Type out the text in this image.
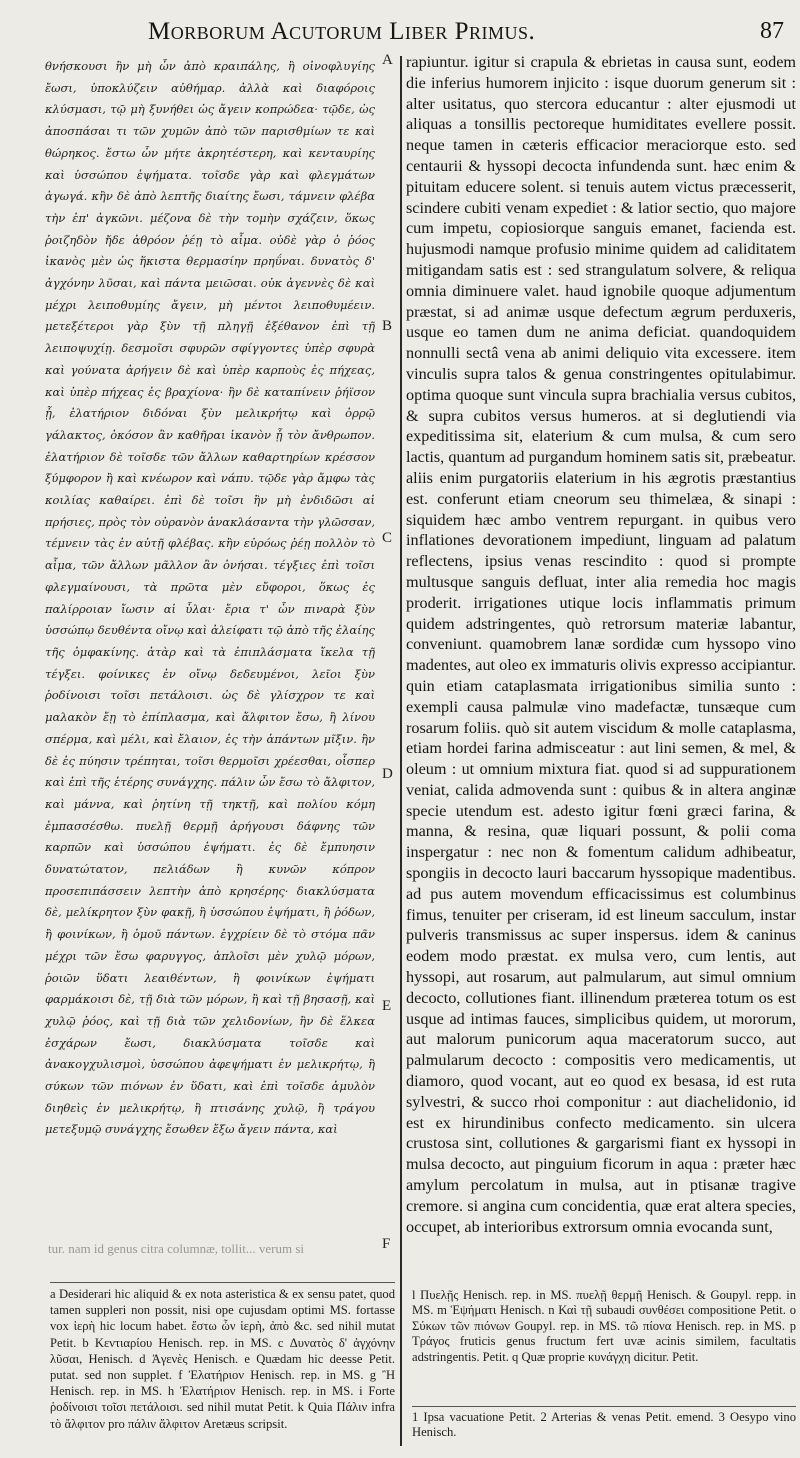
Morborum Acutorum Liber Primus.	87

θνήσκουσι ἢν μὴ ὦν ἀπὸ κραιπάλης, ἢ οἰνοφλυγίης ἔωσι, ὑποκλύζειν αὐθήμαρ. ἀλλὰ καὶ διαφόροις κλύσμασι, τῷ μὴ ξυνήθει ὡς ἄγειν κοπρώδεα· τῷδε, ὡς ἀποσπάσαι τι τῶν χυμῶν ἀπὸ τῶν παρισθμίων τε καὶ θώρηκος. ἔστω ὦν μήτε ἀκρητέστερη, καὶ κενταυρίης καὶ ὑσσώπου ἑψήματα. τοῖσδε γὰρ καὶ φλεγμάτων ἀγωγά. κἢν δὲ ἀπὸ λεπτῆς διαίτης ἔωσι, τάμνειν φλέβα τὴν ἐπ' ἀγκῶνι. μέζονα δὲ τὴν τομὴν σχάζειν, ὅκως ῥοιζηδὸν ἤδε ἀθρόον ῥέῃ τὸ αἷμα. οὐδὲ γὰρ ὁ ῥόος ἱκανὸς μὲν ὡς ἥκιστα θερμασίην πρηΰναι. δυνατὸς δ' ἀγχόνην λῦσαι, καὶ πάντα μειῶσαι. οὐκ ἀγεννὲς δὲ καὶ μέχρι λειποθυμίης ἄγειν, μὴ μέντοι λειποθυμέειν. μετεξέτεροι γὰρ ξὺν τῇ πληγῇ ἐξέθανον ἐπὶ τῇ λειποψυχίῃ. δεσμοῖσι σφυρῶν σφίγγοντες ὑπὲρ σφυρὰ καὶ γούνατα ἀρήγειν δὲ καὶ ὑπὲρ καρποὺς ἐς πήχεας, καὶ ὑπὲρ πήχεας ἐς βραχίονα· ἢν δὲ καταπίνειν ῥήϊσον ᾖ, ἐλατήριον διδόναι ξὺν μελικρήτῳ καὶ ὀρρῷ γάλακτος, ὁκόσον ἂν καθῆραι ἱκανὸν ᾖ τὸν ἄνθρωπον. ἐλατήριον δὲ τοῖσδε τῶν ἄλλων καθαρτηρίων κρέσσον ξύμφορον ἢ καὶ κνέωρον καὶ νάπυ. τῷδε γὰρ ἄμφω τὰς κοιλίας καθαίρει. ἐπὶ δὲ τοῖσι ἢν μὴ ἐνδιδῶσι αἱ πρήσιες, πρὸς τὸν οὐρανὸν ἀνακλάσαντα τὴν γλῶσσαν, τέμνειν τὰς ἐν αὐτῇ φλέβας. κἢν εὐρόως ῥέῃ πολλὸν τὸ αἷμα, τῶν ἄλλων μᾶλλον ἂν ὀνήσαι. τέγξιες ἐπὶ τοῖσι φλεγμαίνουσι, τὰ πρῶτα μὲν εὔφοροι, ὅκως ἐς παλίρροιαν ἴωσιν αἱ ὗλαι· ἔρια τ' ὦν πιναρὰ ξὺν ὑσσώπῳ δευθέντα οἴνῳ καὶ ἀλείφατι τῷ ἀπὸ τῆς ἐλαίης τῆς ὀμφακίνης. ἀτὰρ καὶ τὰ ἐπιπλάσματα ἴκελα τῇ τέγξει. φοίνικες ἐν οἴνῳ δεδευμένοι, λεῖοι ξὺν ῥοδίνοισι τοῖσι πετάλοισι. ὡς δὲ γλίσχρον τε καὶ μαλακὸν ἔῃ τὸ ἐπίπλασμα, καὶ ἄλφιτον ἔσω, ἢ λίνου σπέρμα, καὶ μέλι, καὶ ἔλαιον, ἐς τὴν ἁπάντων μῖξιν. ἢν δὲ ἐς πύησιν τρέπηται, τοῖσι θερμοῖσι χρέεσθαι, οἷσπερ καὶ ἐπὶ τῆς ἑτέρης συνάγχης. πάλιν ὦν ἔσω τὸ ἄλφιτον, καὶ μάννα, καὶ ῥητίνη τῇ τηκτῇ, καὶ πολίου κόμη ἐμπασσέσθω. πυελῇ θερμῇ ἀρήγουσι δάφνης τῶν καρπῶν καὶ ὑσσώπου ἑψήματι. ἐς δὲ ἔμπυησιν δυνατώτατον, πελιάδων ἢ κυνῶν κόπρον προσεπιπάσσειν λεπτὴν ἀπὸ κρησέρης· διακλύσματα δὲ, μελίκρητον ξὺν φακῇ, ἢ ὑσσώπου ἑψήματι, ἢ ῥόδων, ἢ φοινίκων, ἢ ὁμοῦ πάντων. ἐγχρίειν δὲ τὸ στόμα πᾶν μέχρι τῶν ἔσω φαρυγγος, ἁπλοῖσι μὲν χυλῷ μόρων, ῥοιῶν ὕδατι λεαιθέντων, ἢ φοινίκων ἑψήματι φαρμάκοισι δὲ, τῇ διὰ τῶν μόρων, ἢ καὶ τῇ βησασῇ, καὶ χυλῷ ῥόος, καὶ τῇ διὰ τῶν χελιδονίων, ἢν δὲ ἕλκεα ἐσχάρων ἔωσι, διακλύσματα τοῖσδε καὶ ἀνακογχυλισμοὶ, ὑσσώπου ἀφεψήματι ἐν μελικρήτῳ, ἢ σύκων τῶν πιόνων ἐν ὕδατι, καὶ ἐπὶ τοῖσδε ἀμυλὸν διηθεὶς ἐν μελικρήτῳ, ἢ πτισάνης χυλῷ, ἢ τράγου μετεξυμῷ συνάγχης ἔσωθεν ἔξω ἄγειν πάντα, καὶ

A
B
C
D
E
F

rapiuntur. igitur si crapula & ebrietas in causa sunt, eodem die inferius humorem injicito : isque duorum generum sit : alter usitatus, quo stercora educantur : alter ejusmodi ut aliquas a tonsillis pectoreque humiditates evellere possit. neque tamen in cæteris efficacior meraciorque esto. sed centaurii & hyssopi decocta infundenda sunt. hæc enim & pituitam educere solent. si tenuis autem victus præcesserit, scindere cubiti venam expediet : & latior sectio, quo majore cum impetu, copiosiorque sanguis emanet, facienda est. hujusmodi namque profusio minime quidem ad caliditatem mitigandam satis est : sed strangulatum solvere, & reliqua omnia diminuere valet. haud ignobile quoque adjumentum præstat, si ad animæ usque defectum ægrum perduxeris, usque eo tamen dum ne anima deficiat. quandoquidem nonnulli sectâ vena ab animi deliquio vita excessere. item vinculis supra talos & genua constringentes opitulabimur. optima quoque sunt vincula supra brachialia versus cubitos, & supra cubitos versus humeros. at si deglutiendi via expeditissima sit, elaterium & cum mulsa, & cum sero lactis, quantum ad purgandum hominem satis sit, præbeatur. aliis enim purgatoriis elaterium in his ægrotis præstantius est. conferunt etiam cneorum seu thimelæa, & sinapi : siquidem hæc ambo ventrem repurgant. in quibus vero inflationes devorationem impediunt, linguam ad palatum reflectens, ipsius venas rescindito : quod si prompte multusque sanguis defluat, inter alia remedia hoc magis proderit. irrigationes utique locis inflammatis primum quidem adstringentes, quò retrorsum materiæ labantur, conveniunt. quamobrem lanæ sordidæ cum hyssopo vino madentes, aut oleo ex immaturis olivis expresso accipiantur. quin etiam cataplasmata irrigationibus similia sunto : exempli causa palmulæ vino madefactæ, tunsæque cum rosarum foliis. quò sit autem viscidum & molle cataplasma, etiam hordei farina admisceatur : aut lini semen, & mel, & oleum : ut omnium mixtura fiat. quod si ad suppurationem veniat, calida admovenda sunt : quibus & in altera anginæ specie utendum est. adesto igitur fœni græci farina, & manna, & resina, quæ liquari possunt, & polii coma inspergatur : nec non & fomentum calidum adhibeatur, spongiis in decocto lauri baccarum hyssopique madentibus. ad pus autem movendum efficacissimus est columbinus fimus, tenuiter per criseram, id est lineum sacculum, instar pulveris transmissus ac super inspersus. idem & caninus eodem modo præstat. ex mulsa vero, cum lentis, aut hyssopi, aut rosarum, aut palmularum, aut simul omnium decocto, collutiones fiant. illinendum præterea totum os est usque ad intimas fauces, simplicibus quidem, ut mororum, aut malorum punicorum aqua maceratorum succo, aut palmularum decocto : compositis vero medicamentis, ut diamoro, quod vocant, aut eo quod ex besasa, id est ruta sylvestri, & succo rhoi componitur : aut diachelidonio, id est ex hirundinibus confecto medicamento. sin ulcera crustosa sint, collutiones & gargarismi fiant ex hyssopi in mulsa decocto, aut pinguium ficorum in aqua : præter hæc amylum percolatum in mulsa, aut in ptisanæ tragive cremore. si angina cum concidentia, quæ erat altera species, occupet, ab interioribus extrorsum omnia evocanda sunt,

tur. nam id genus citra columnæ, tollit... verum si

a Desiderari hic aliquid & ex nota asteristica & ex sensu patet, quod tamen suppleri non possit, nisi ope cujusdam optimi MS. fortasse vox ἱερὴ hic locum habet. ἔστω ὦν ἱερὴ, ἀπὸ &c. sed nihil mutat Petit. b Κεντιαρίου Henisch. rep. in MS. c Δυνατὸς δ' ἀγχόνην λῦσαι, Henisch. d Ἀγενὲς Henisch. e Quædam hic deesse Petit. putat. sed non supplet. f Ἐλατήριον Henisch. rep. in MS. g Ἢ Henisch. rep. in MS. h Ἐλατήριον Henisch. rep. in MS. i Forte ῥοδίνοισι τοῖσι πετάλοισι. sed nihil mutat Petit. k Quia Πάλιν infra τὸ ἄλφιτον pro πάλιν ἄλφιτον Aretæus scripsit.

l Πυελῇς Henisch. rep. in MS. πυελῇ θερμῇ Henisch. & Goupyl. repp. in MS. m Ἑψήματι Henisch. n Καὶ τῇ subaudi συνθέσει compositione Petit. o Σύκων τῶν πιόνων Goupyl. rep. in MS. τῶ πίονα Henisch. rep. in MS. p Τράγος fruticis genus fructum fert uvæ acinis similem, facultatis adstringentis. Petit. q Quæ proprie κυνάγχη dicitur. Petit.

1 Ipsa vacuatione Petit. 2 Arterias & venas Petit. emend. 3 Oesypo vino Henisch.
